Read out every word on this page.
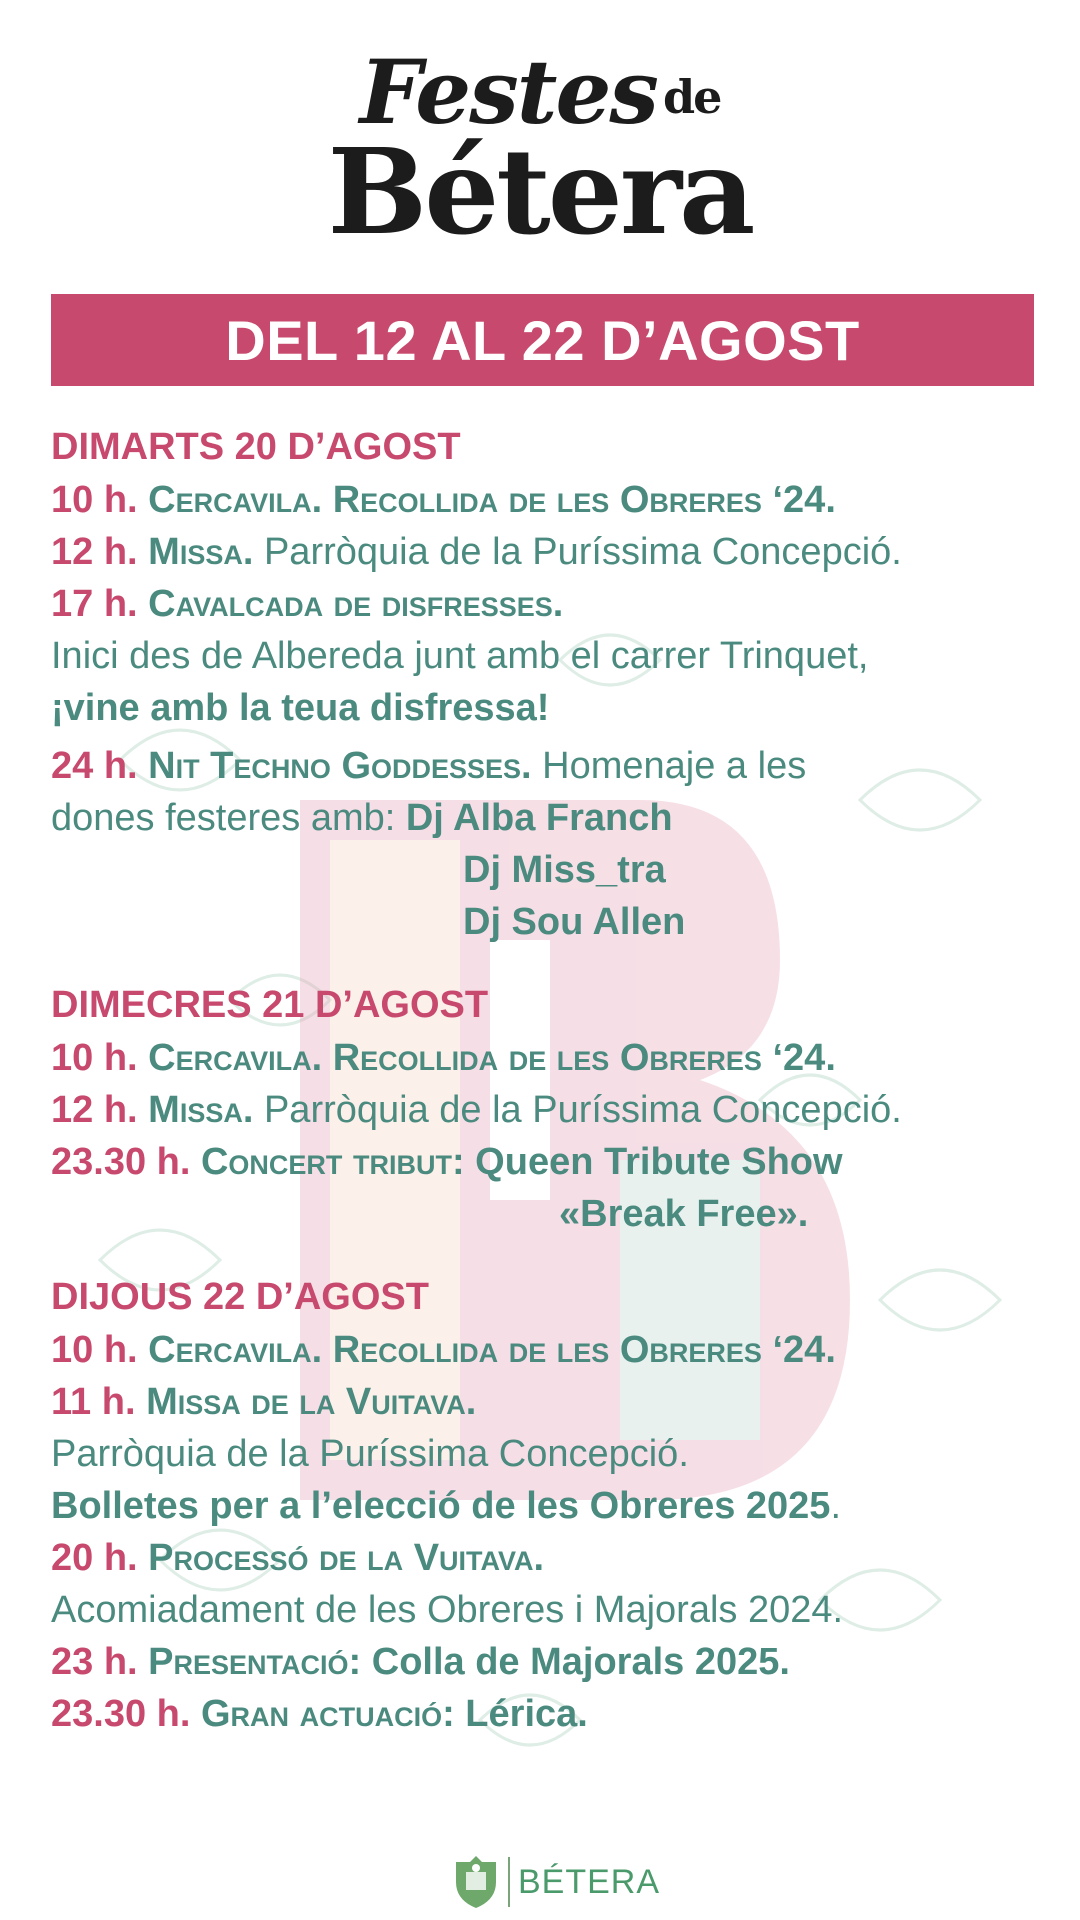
Festes de
Bétera
DEL 12 AL 22 D’AGOST
DIMARTS 20 D’AGOST
10 h. Cercavila. Recollida de les Obreres ‘24.
12 h. Missa. Parròquia de la Puríssima Concepció.
17 h. Cavalcada de disfresses.
Inici des de Albereda junt amb el carrer Trinquet,
¡vine amb la teua disfressa!
24 h. Nit Techno Goddesses. Homenaje a les
dones festeres amb: Dj Alba Franch
Dj Miss_tra
Dj Sou Allen
DIMECRES 21 D’AGOST
10 h. Cercavila. Recollida de les Obreres ‘24.
12 h. Missa. Parròquia de la Puríssima Concepció.
23.30 h. Concert tribut: Queen Tribute Show
«Break Free».
DIJOUS 22 D’AGOST
10 h. Cercavila. Recollida de les Obreres ‘24.
11 h. Missa de la Vuitava.
Parròquia de la Puríssima Concepció.
Bolletes per a l’elecció de les Obreres 2025.
20 h. Processó de la Vuitava.
Acomiadament de les Obreres i Majorals 2024.
23 h. Presentació: Colla de Majorals 2025.
23.30 h. Gran actuació: Lérica.
BÉTERA
